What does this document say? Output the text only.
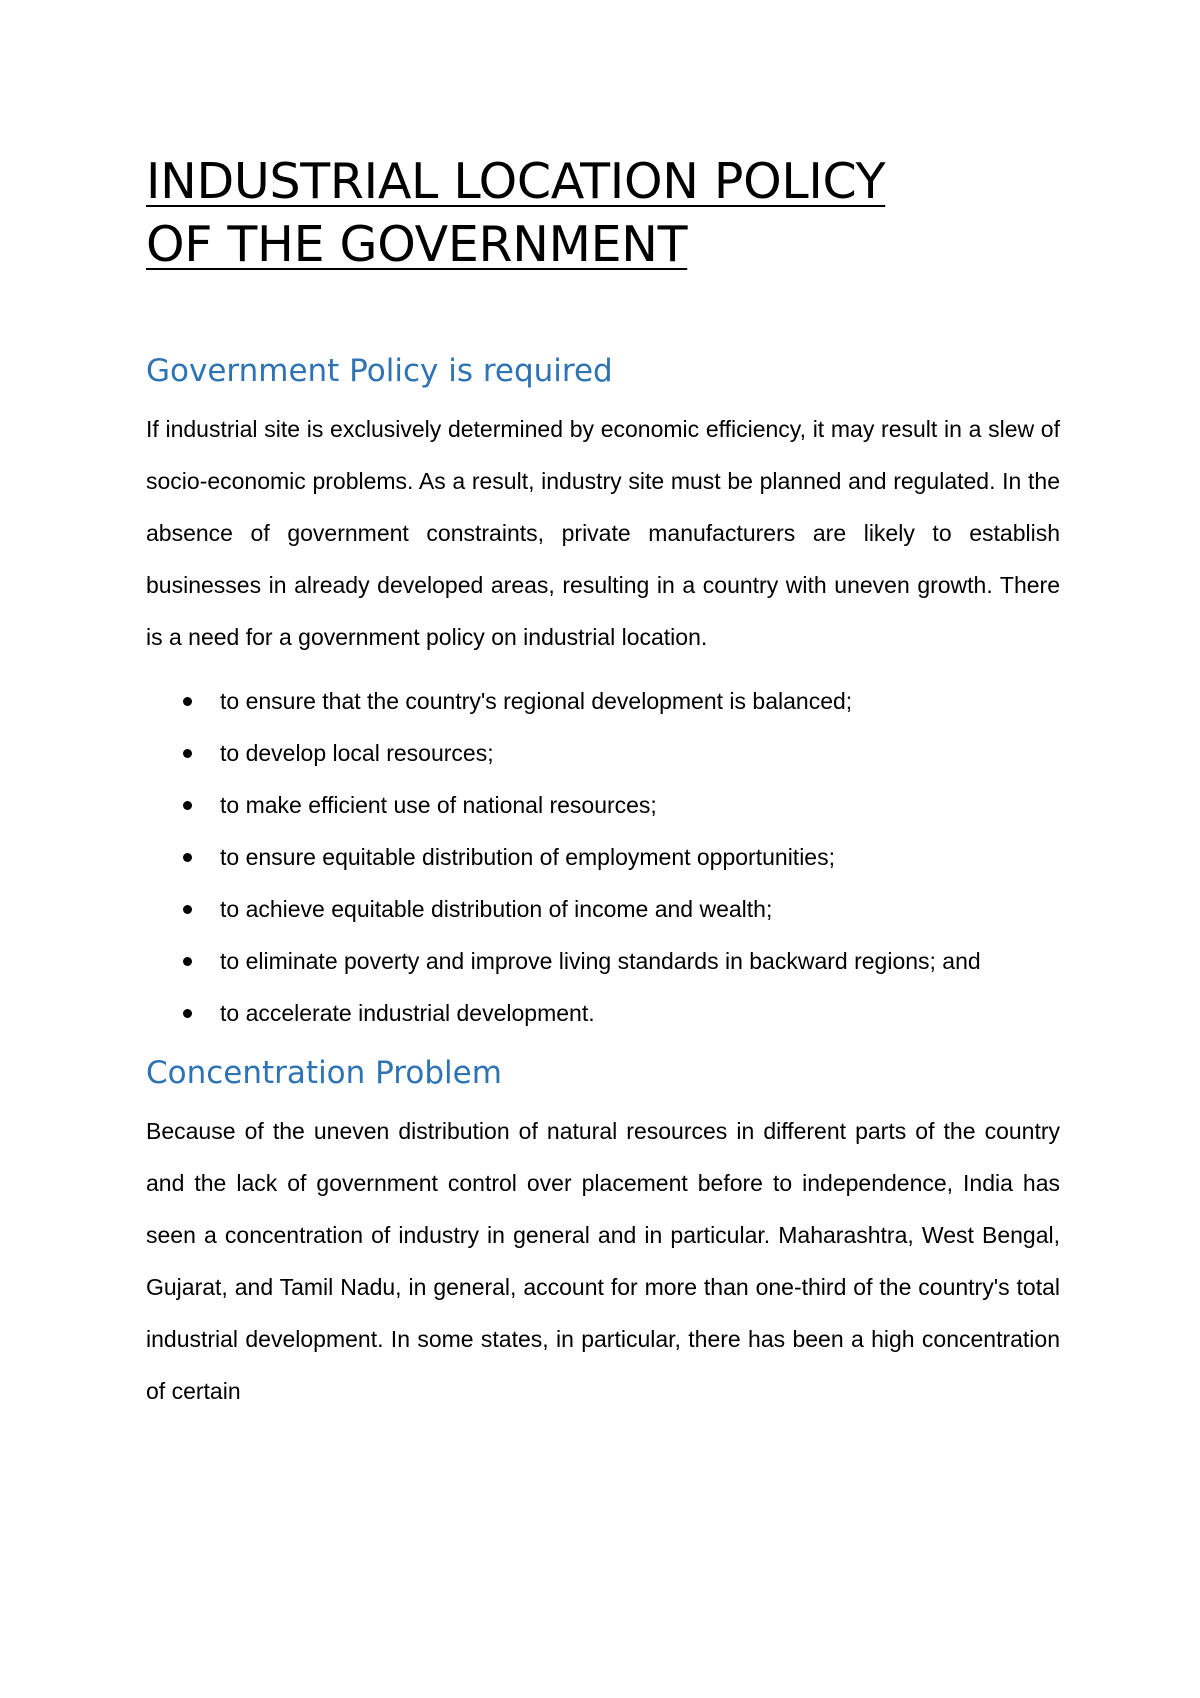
INDUSTRIAL LOCATION POLICY
OF THE GOVERNMENT
Government Policy is required

If industrial site is exclusively determined by economic efficiency, it may result in a slew of socio-economic problems. As a result, industry site must be planned and regulated. In the absence of government constraints, private manufacturers are likely to establish businesses in already developed areas, resulting in a country with uneven growth. There is a need for a government policy on industrial location.

to ensure that the country's regional development is balanced;
to develop local resources;
to make efficient use of national resources;
to ensure equitable distribution of employment opportunities;
to achieve equitable distribution of income and wealth;
to eliminate poverty and improve living standards in backward regions; and
to accelerate industrial development.
Concentration Problem

Because of the uneven distribution of natural resources in different parts of the country and the lack of government control over placement before to independence, India has seen a concentration of industry in general and in particular. Maharashtra, West Bengal, Gujarat, and Tamil Nadu, in general, account for more than one-third of the country's total industrial development. In some states, in particular, there has been a high concentration of certain
